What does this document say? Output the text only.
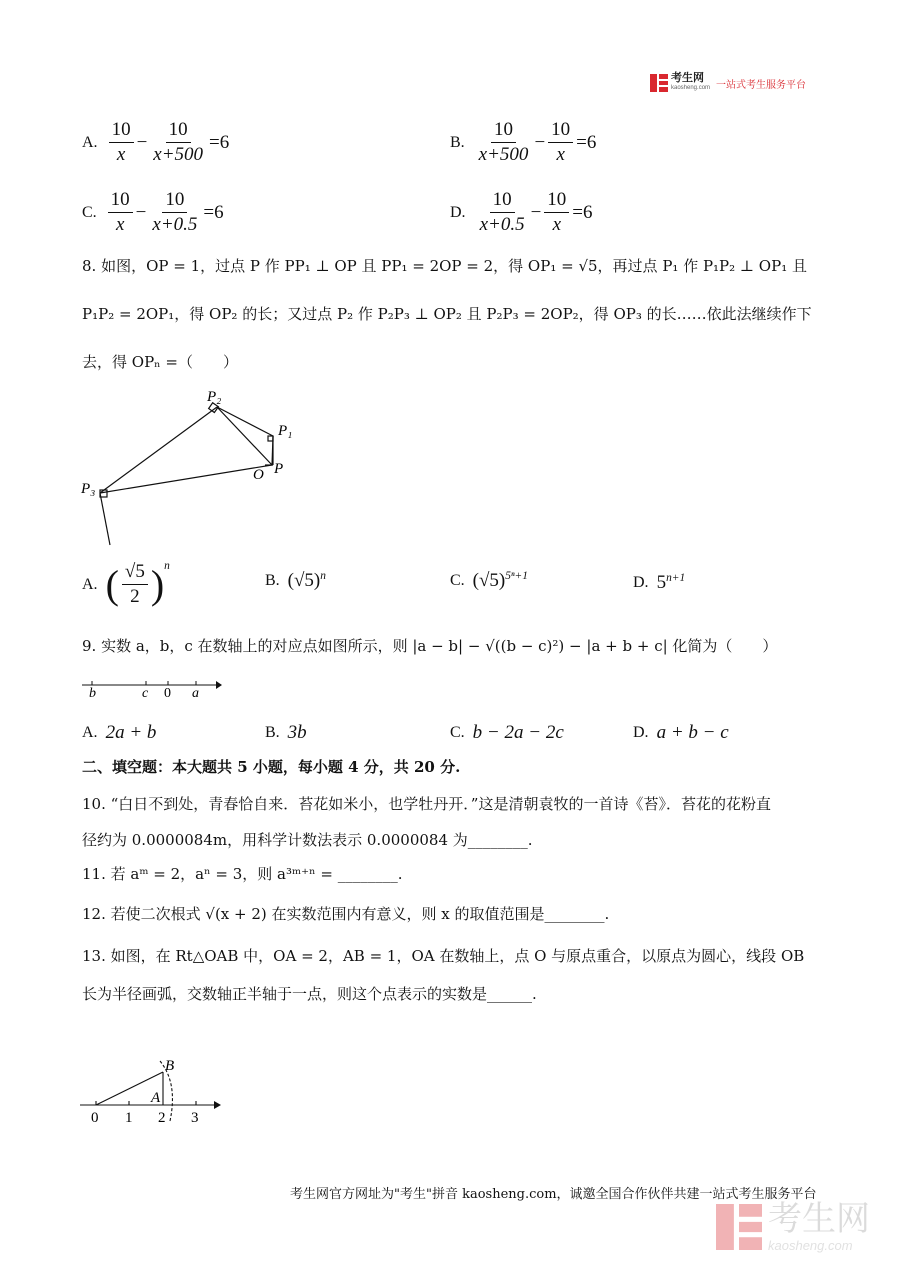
考生网
kaosheng.com 一站式考生服务平台
A. $\frac{10}{x} - \frac{10}{x+500} =6$	B. $\frac{10}{x+500} - \frac{10}{x} =6$
C. $\frac{10}{x} - \frac{10}{x+0.5} =6$	D. $\frac{10}{x+0.5} - \frac{10}{x} =6$
8. 如图，OP = 1，过点 P 作 PP₁ ⊥ OP 且 PP₁ = 2OP = 2，得 OP₁ = √5，再过点 P₁ 作 P₁P₂ ⊥ OP₁ 且
P₁P₂ = 2OP₁，得 OP₂ 的长；又过点 P₂ 作 P₂P₃ ⊥ OP₂ 且 P₂P₃ = 2OP₂，得 OP₃ 的长……依此法继续作下
去，得 OPₙ =（　　）
P₂
P₁
O P
P₃
A. ( $\frac{√5}{2} )^n$
B. $(√5)^n$	C. $(√5)^{5^n+1}$	D. $5^{n+1}$
9. 实数 a，b，c 在数轴上的对应点如图所示，则 |a − b| − √((b − c)²) − |a + b + c| 化简为（　　）
b	c 0 a
A. 2a + b	B. 3b	C. b − 2a − 2c	D. a + b − c
二、填空题：本大题共 5 小题，每小题 4 分，共 20 分.
10. “白日不到处，青春恰自来．苔花如米小，也学牡丹开．”这是清朝袁牧的一首诗《苔》．苔花的花粉直
径约为 0.0000084m，用科学计数法表示 0.0000084 为________.
11. 若 aᵐ = 2，aⁿ = 3，则 a³ᵐ⁺ⁿ = ________.
12. 若使二次根式 √(x + 2) 在实数范围内有意义，则 x 的取值范围是________.
13. 如图，在 Rt△OAB 中，OA = 2，AB = 1，OA 在数轴上，点 O 与原点重合，以原点为圆心，线段 OB
长为半径画弧，交数轴正半轴于一点，则这个点表示的实数是______.
B
A
0 1 2 3
考生网官方网址为"考生"拼音 kaosheng.com，诚邀全国合作伙伴共建一站式考生服务平台
考生网
kaosheng.com
